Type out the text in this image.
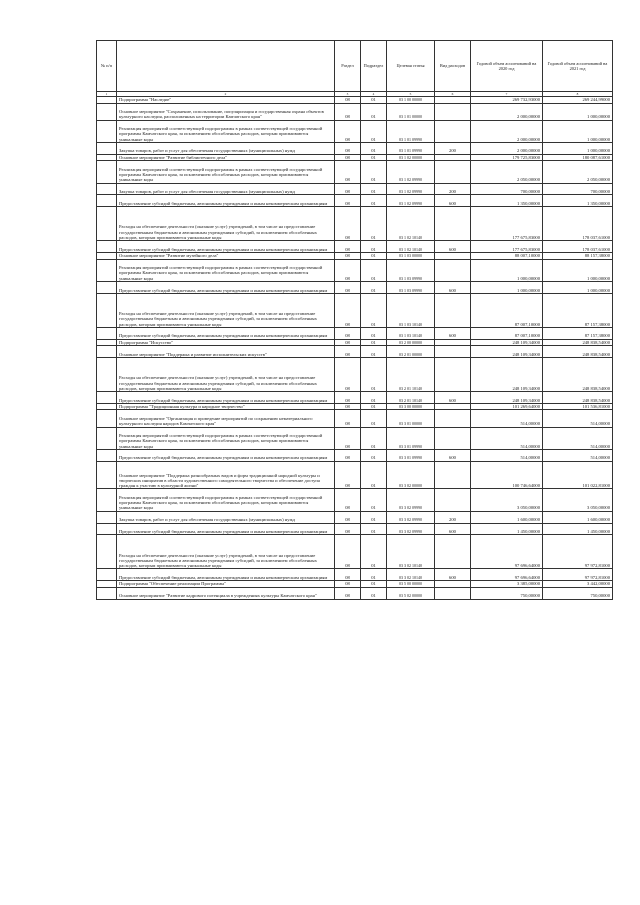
№ п/п		Раздел	Подраздел	Целевая статья	Вид расходов	Годовой объем ассигнований на 2020 год	Годовой объем ассигнований на 2021 год
1	2	3	4	5	6	7	8
	Подпрограмма "Наследие"	08	01	03 1 00 00000		269 732,93000	269 244,99000
	Основное мероприятие "Сохранение, использование, популяризация и государственная охрана объектов культурного наследия, расположенных на территории Камчатского края"	08	01	03 1 01 00000		2 000,00000	1 000,00000
	Реализация мероприятий соответствующей подпрограммы в рамках соответствующей государственной программы Камчатского края, за исключением обособленных расходов, которым присваиваются уникальные коды	08	01	03 1 01 09990		2 000,00000	1 000,00000
	Закупка товаров, работ и услуг для обеспечения государственных (муниципальных) нужд	08	01	03 1 01 09990	200	2 000,00000	1 000,00000
	Основное мероприятие "Развитие библиотечного дела"	08	01	03 1 02 00000		179 725,83000	180 087,61000
	Реализация мероприятий соответствующей подпрограммы в рамках соответствующей государственной программы Камчатского края, за исключением обособленных расходов, которым присваиваются уникальные коды	08	01	03 1 02 09990		2 050,00000	2 050,00000
	Закупка товаров, работ и услуг для обеспечения государственных (муниципальных) нужд	08	01	03 1 02 09990	200	700,00000	700,00000
	Предоставление субсидий бюджетным, автономным учреждениям и иным некоммерческим организациям	08	01	03 1 02 09990	600	1 350,00000	1 350,00000
	Расходы на обеспечение деятельности (оказание услуг) учреждений, в том числе на предоставление государственным бюджетным и автономным учреждениям субсидий, за исключением обособленных расходов, которым присваиваются уникальные коды	08	01	03 1 02 10140		177 675,83000	178 037,61000
	Предоставление субсидий бюджетным, автономным учреждениям и иным некоммерческим организациям	08	01	03 1 02 10140	600	177 675,83000	178 037,61000
	Основное мероприятие "Развитие музейного дела"	08	01	03 1 03 00000		88 007,10000	88 157,38000
	Реализация мероприятий соответствующей подпрограммы в рамках соответствующей государственной программы Камчатского края, за исключением обособленных расходов, которым присваиваются уникальные коды	08	01	03 1 03 09990		1 000,00000	1 000,00000
	Предоставление субсидий бюджетным, автономным учреждениям и иным некоммерческим организациям	08	01	03 1 03 09990	600	1 000,00000	1 000,00000
	Расходы на обеспечение деятельности (оказание услуг) учреждений, в том числе на предоставление государственным бюджетным и автономным учреждениям субсидий, за исключением обособленных расходов, которым присваиваются уникальные коды	08	01	03 1 03 10140		87 007,10000	87 157,38000
	Предоставление субсидий бюджетным, автономным учреждениям и иным некоммерческим организациям	08	01	03 1 03 10140	600	87 007,10000	87 157,38000
	Подпрограмма "Искусство"	08	01	03 2 00 00000		248 109,34000	248 838,54000
	Основное мероприятие "Поддержка и развитие исполнительских искусств"	08	01	03 2 01 00000		248 109,34000	248 838,54000
	Расходы на обеспечение деятельности (оказание услуг) учреждений, в том числе на предоставление государственным бюджетным и автономным учреждениям субсидий, за исключением обособленных расходов, которым присваиваются уникальные коды	08	01	03 2 01 10140		248 109,34000	248 838,54000
	Предоставление субсидий бюджетным, автономным учреждениям и иным некоммерческим организациям	08	01	03 2 01 10140	600	248 109,34000	248 838,54000
	Подпрограмма "Традиционная культура и народное творчество"	08	01	03 3 00 00000		101 269,64000	101 536,81000
	Основное мероприятие "Организация и проведение мероприятий по сохранению нематериального культурного наследия народов Камчатского края"	08	01	03 3 01 00000		514,00000	514,00000
	Реализация мероприятий соответствующей подпрограммы в рамках соответствующей государственной программы Камчатского края, за исключением обособленных расходов, которым присваиваются уникальные коды	08	01	03 3 01 09990		514,00000	514,00000
	Предоставление субсидий бюджетным, автономным учреждениям и иным некоммерческим организациям	08	01	03 3 01 09990	600	514,00000	514,00000
	Основное мероприятие "Поддержка разнообразных видов и форм традиционной народной культуры и творческих инициатив в области художественного самодеятельного творчества и обеспечение доступа граждан к участию в культурной жизни"	08	01	03 3 02 00000		100 746,64000	101 022,81000
	Реализация мероприятий соответствующей подпрограммы в рамках соответствующей государственной программы Камчатского края, за исключением обособленных расходов, которым присваиваются уникальные коды	08	01	03 3 02 09990		3 050,00000	3 050,00000
	Закупка товаров, работ и услуг для обеспечения государственных (муниципальных) нужд	08	01	03 3 02 09990	200	1 600,00000	1 600,00000
	Предоставление субсидий бюджетным, автономным учреждениям и иным некоммерческим организациям	08	01	03 3 02 09990	600	1 450,00000	1 450,00000
	Расходы на обеспечение деятельности (оказание услуг) учреждений, в том числе на предоставление государственным бюджетным и автономным учреждениям субсидий, за исключением обособленных расходов, которым присваиваются уникальные коды	08	01	03 3 02 10140		97 696,64000	97 972,81000
	Предоставление субсидий бюджетным, автономным учреждениям и иным некоммерческим организациям	08	01	03 3 02 10140	600	97 696,64000	97 972,81000
	Подпрограмма "Обеспечение реализации Программы"	08	01	03 5 00 00000		3 385,00000	3 442,00000
	Основное мероприятие "Развитие кадрового потенциала в учреждениях культуры Камчатского края"	08	01	03 5 02 00000		750,00000	750,00000
